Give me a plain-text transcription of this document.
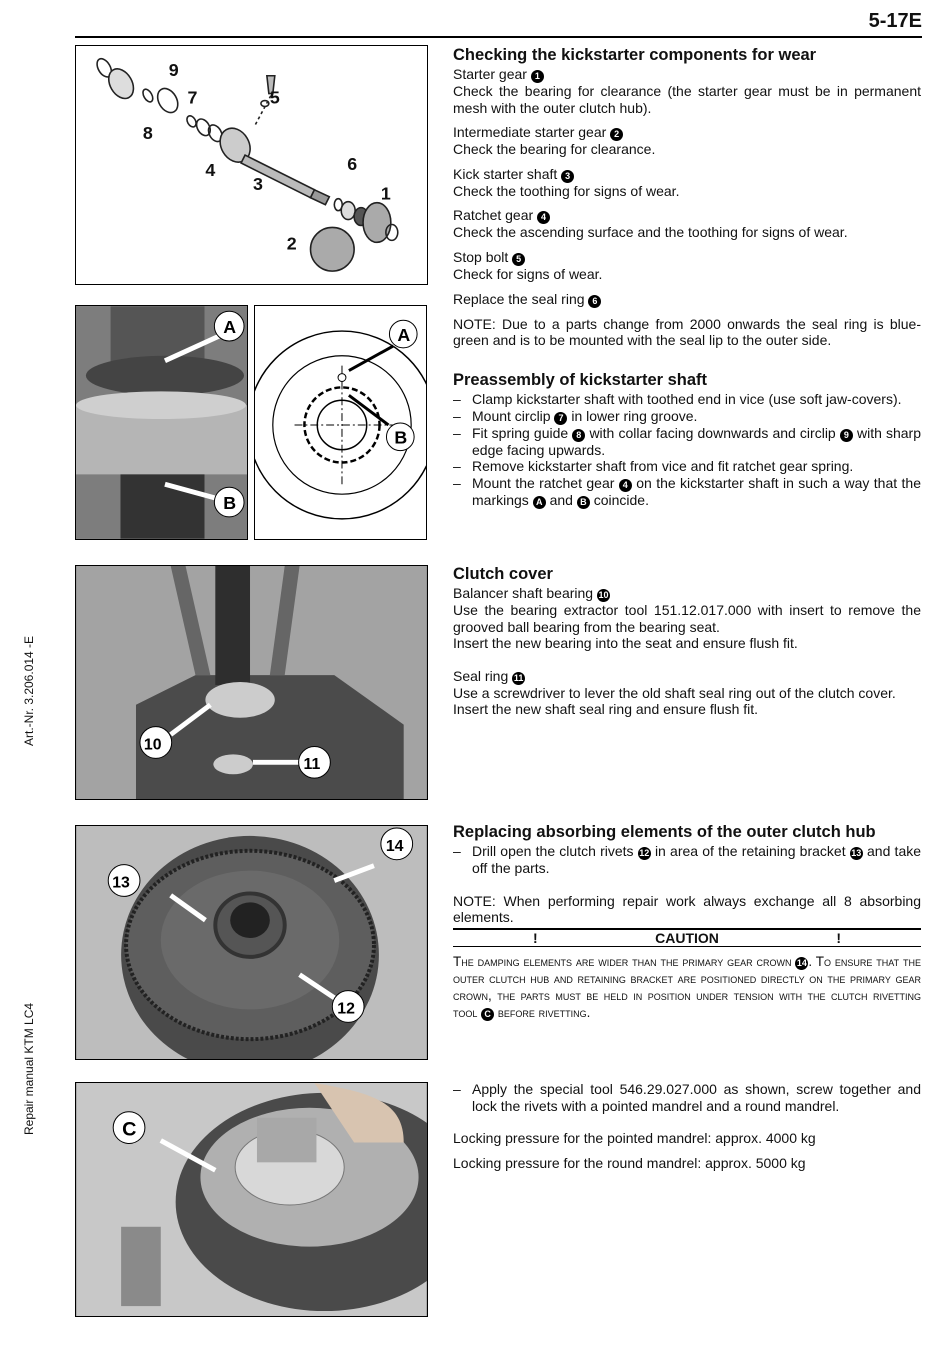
5-17E
Art.-Nr. 3.206.014 -E
Repair manual KTM LC4
9
7	5
8
4
3
6
1
2
A
B
A
B
10
11
13
14
12
C
Checking the kickstarter components for wear

Starter gear 1
Check the bearing for clearance (the starter gear must be in permanent mesh with the outer clutch hub).

Intermediate starter gear 2
Check the bearing for clearance.

Kick starter shaft 3
Check the toothing for signs of wear.

Ratchet gear 4
Check the ascending surface and the toothing for signs of wear.

Stop bolt 5
Check for signs of wear.

Replace the seal ring 6

NOTE: Due to a parts change from 2000 onwards the seal ring is blue-green and is to be mounted with the seal lip to the outer side.

Preassembly of kickstarter shaft
– Clamp kickstarter shaft with toothed end in vice (use soft jaw-covers).
– Mount circlip 7 in lower ring groove.
– Fit spring guide 8 with collar facing downwards and circlip 9 with sharp edge facing upwards.
– Remove kickstarter shaft from vice and fit ratchet gear spring.
– Mount the ratchet gear 4 on the kickstarter shaft in such a way that the markings A and B coincide.
Clutch cover

Balancer shaft bearing 10
Use the bearing extractor tool 151.12.017.000 with insert to remove the grooved ball bearing from the bearing seat.
Insert the new bearing into the seat and ensure flush fit.

Seal ring 11
Use a screwdriver to lever the old shaft seal ring out of the clutch cover.
Insert the new shaft seal ring and ensure flush fit.

Replacing absorbing elements of the outer clutch hub
– Drill open the clutch rivets 12 in area of the retaining bracket 13 and take off the parts.

NOTE: When performing repair work always exchange all 8 absorbing elements.

!	CAUTION	!
The damping elements are wider than the primary gear crown 14 . To ensure that the outer clutch hub and retaining bracket are positioned directly on the primary gear crown, the parts must be held in position under tension with the clutch rivetting tool C before rivetting.
– Apply the special tool 546.29.027.000 as shown, screw together and lock the rivets with a pointed mandrel and a round mandrel.

Locking pressure for the pointed mandrel: approx. 4000 kg

Locking pressure for the round mandrel: approx. 5000 kg
